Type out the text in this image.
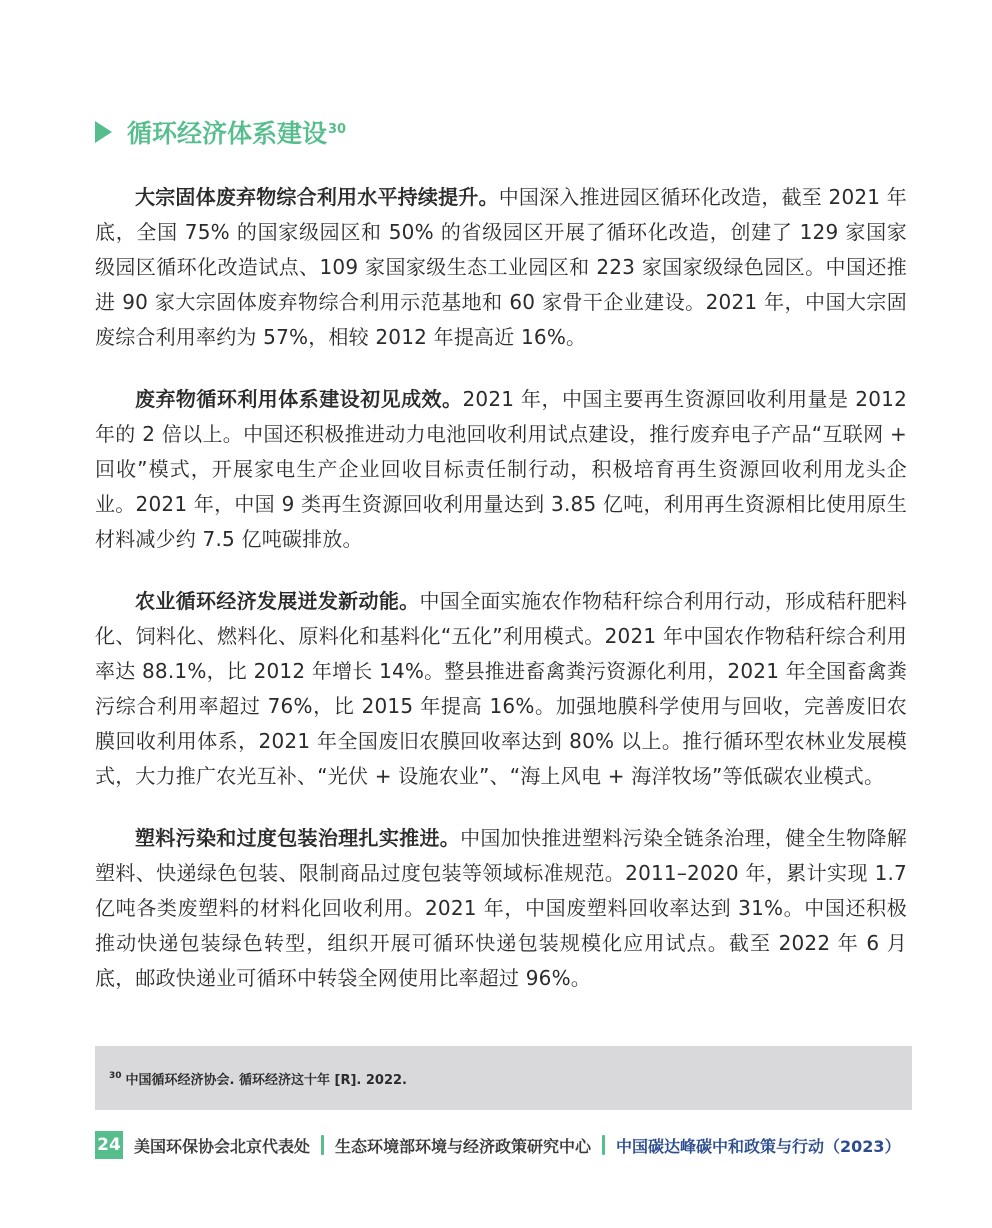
循环经济体系建设$^{30}$

大宗固体废弃物综合利用水平持续提升。中国深入推进园区循环化改造，截至 2021 年底，全国 75% 的国家级园区和 50% 的省级园区开展了循环化改造，创建了 129 家国家级园区循环化改造试点、109 家国家级生态工业园区和 223 家国家级绿色园区。中国还推进 90 家大宗固体废弃物综合利用示范基地和 60 家骨干企业建设。2021 年，中国大宗固废综合利用率约为 57%，相较 2012 年提高近 16%。

废弃物循环利用体系建设初见成效。2021 年，中国主要再生资源回收利用量是 2012 年的 2 倍以上。中国还积极推进动力电池回收利用试点建设，推行废弃电子产品“互联网 + 回收”模式，开展家电生产企业回收目标责任制行动，积极培育再生资源回收利用龙头企业。2021 年，中国 9 类再生资源回收利用量达到 3.85 亿吨，利用再生资源相比使用原生材料减少约 7.5 亿吨碳排放。

农业循环经济发展迸发新动能。中国全面实施农作物秸秆综合利用行动，形成秸秆肥料化、饲料化、燃料化、原料化和基料化“五化”利用模式。2021 年中国农作物秸秆综合利用率达 88.1%，比 2012 年增长 14%。整县推进畜禽粪污资源化利用，2021 年全国畜禽粪污综合利用率超过 76%，比 2015 年提高 16%。加强地膜科学使用与回收，完善废旧农膜回收利用体系，2021 年全国废旧农膜回收率达到 80% 以上。推行循环型农林业发展模式，大力推广农光互补、“光伏 + 设施农业”、“海上风电 + 海洋牧场”等低碳农业模式。

塑料污染和过度包装治理扎实推进。中国加快推进塑料污染全链条治理，健全生物降解塑料、快递绿色包装、限制商品过度包装等领域标准规范。2011–2020 年，累计实现 1.7 亿吨各类废塑料的材料化回收利用。2021 年，中国废塑料回收率达到 31%。中国还积极推动快递包装绿色转型，组织开展可循环快递包装规模化应用试点。截至 2022 年 6 月底，邮政快递业可循环中转袋全网使用比率超过 96%。

$^{30}$ 中国循环经济协会. 循环经济这十年 [R]. 2022.
24 美国环保协会北京代表处 生态环境部环境与经济政策研究中心 中国碳达峰碳中和政策与行动（2023）
